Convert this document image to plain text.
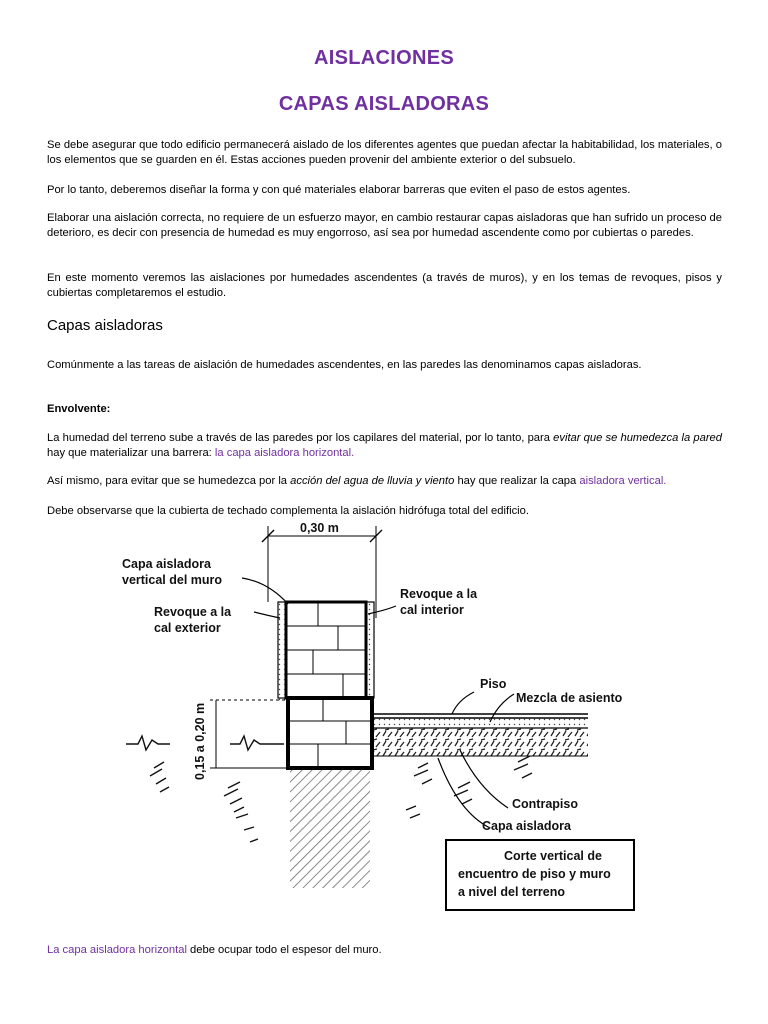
AISLACIONES
CAPAS AISLADORAS

Se debe asegurar que todo edificio permanecerá aislado de los diferentes agentes que puedan afectar la habitabilidad, los materiales, o los elementos que se guarden en él. Estas acciones pueden provenir del ambiente exterior o del subsuelo.

Por lo tanto, deberemos diseñar la forma y con qué materiales elaborar barreras que eviten el paso de estos agentes.

Elaborar una aislación correcta, no requiere de un esfuerzo mayor, en cambio restaurar capas aisladoras que han sufrido un proceso de deterioro, es decir con presencia de humedad es muy engorroso, así sea por humedad ascendente como por cubiertas o paredes.

En este momento veremos las aislaciones por humedades ascendentes (a través de muros), y en los temas de revoques, pisos y cubiertas completaremos el estudio.

Capas aisladoras

Comúnmente a las tareas de aislación de humedades ascendentes, en las paredes las denominamos capas aisladoras.

Envolvente:

La humedad del terreno sube a través de las paredes por los capilares del material, por lo tanto, para evitar que se humedezca la pared hay que materializar una barrera: la capa aisladora horizontal.

Así mismo, para evitar que se humedezca por la acción del agua de lluvia y viento hay que realizar la capa aisladora vertical.

Debe observarse que la cubierta de techado complementa la aislación hidrófuga total del edificio.

0,30 m
0,15 a 0,20 m
Capa aisladora
vertical del muro
Revoque a la
cal exterior
Revoque a la
cal interior
Piso
Mezcla de asiento
Contrapiso
Capa aisladora
Corte vertical de
encuentro de piso y muro
a nivel del terreno

La capa aisladora horizontal debe ocupar todo el espesor del muro.
